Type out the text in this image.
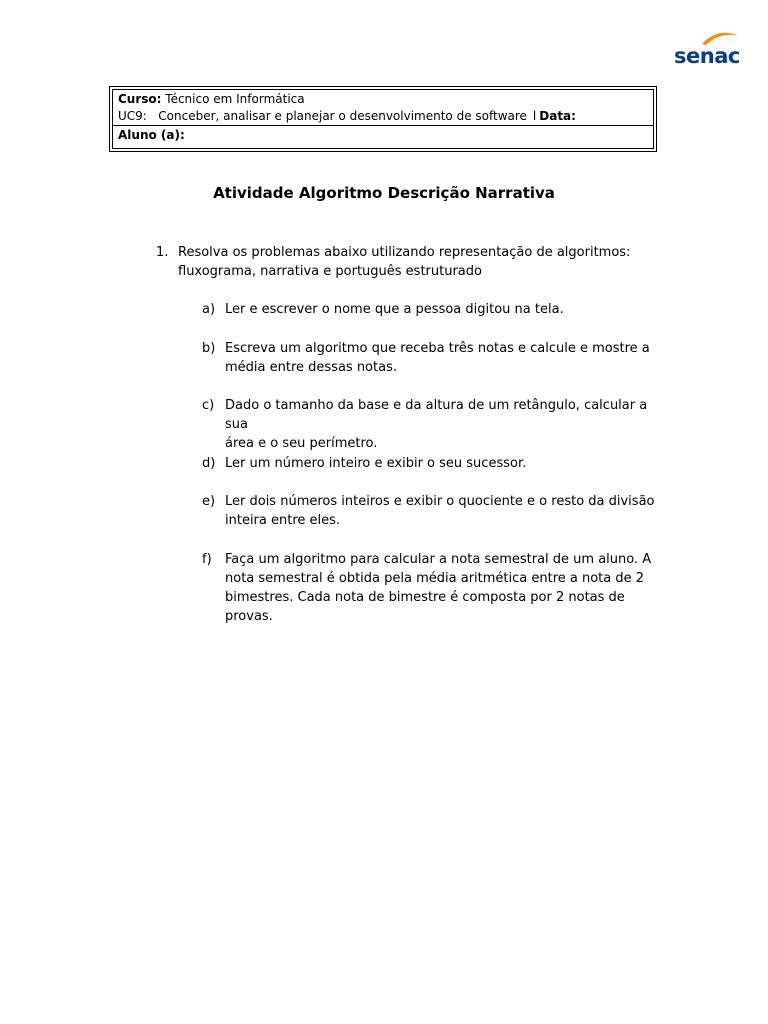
senac
Curso: Técnico em Informática
UC9: Conceber, analisar e planejar o desenvolvimento de software l Data:
Aluno (a):
Atividade Algoritmo Descrição Narrativa
1. Resolva os problemas abaixo utilizando representação de algoritmos:
fluxograma, narrativa e português estruturado
a) Ler e escrever o nome que a pessoa digitou na tela.
b) Escreva um algoritmo que receba três notas e calcule e mostre a
média entre dessas notas.
c) Dado o tamanho da base e da altura de um retângulo, calcular a sua
área e o seu perímetro.
d) Ler um número inteiro e exibir o seu sucessor.
e) Ler dois números inteiros e exibir o quociente e o resto da divisão
inteira entre eles.
f) Faça um algoritmo para calcular a nota semestral de um aluno. A
nota semestral é obtida pela média aritmética entre a nota de 2
bimestres. Cada nota de bimestre é composta por 2 notas de provas.
